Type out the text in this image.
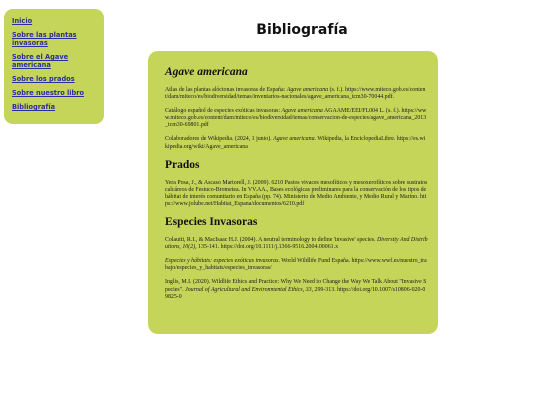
Inicio
Sobre las plantas invasoras
Sobre el Agave americana
Sobre los prados
Sobre nuestro libro
Bibliografía
Bibliografía
Agave americana

Atlas de las plantas alóctonas invasoras de España: Agave americana (s. f.). https://www.miteco.gob.es/content/dam/miteco/es/biodiversidad/temas/inventarios-nacionales/agave_americana_tcm30-70044.pdf.

Catálogo español de especies exóticas invasoras: Agave americana AGAAME/EEI/FL004 L. (s. f.). https://www.miteco.gob.es/content/dam/miteco/es/biodiversidad/temas/conservacion-de-especies/agave_americana_2013_tcm30-69801.pdf

Colaboradores de Wikipedia. (2024, 1 junio). Agave americana. Wikipedia, la EnciclopediaLibre. https://es.wikipedia.org/wiki/Agave_americana

Prados

Yera Posa, J., & Ascaso Martorell, J. (2009). 6210 Pastos vivaces mesofíticos y mesoxerofíticos sobre sustratos calcáreos de Festuco-Brometea. In VV.AA., Bases ecológicas preliminares para la conservación de los tipos de hábitat de interés comunitario en España (pp. 74). Ministerio de Medio Ambiente, y Medio Rural y Marino. https://www.jolube.net/Habitat_Espana/documentos/6210.pdf

Especies Invasoras

Colautti, R.I., & MacIsaac H.J. (2004). A neutral terminology to define 'invasive' species. Diversity And Distributions, 10(2), 135-141. https://doi.org/10.1111/j.1366-9516.2004.00061.x

Especies y hábitats: especies exóticas invasoras. World Wildlife Fund España. https://www.wwf.es/nuestro_trabajo/especies_y_habitats/especies_invasoras/

Inglis, M.I. (2020). Wildlife Ethics and Practice: Why We Need to Change the Way We Talk About "Invasive Species". Journal of Agricultural and Environmental Ethics, 33, 299-313. https://doi.org/10.1007/s10806-020-09825-0
